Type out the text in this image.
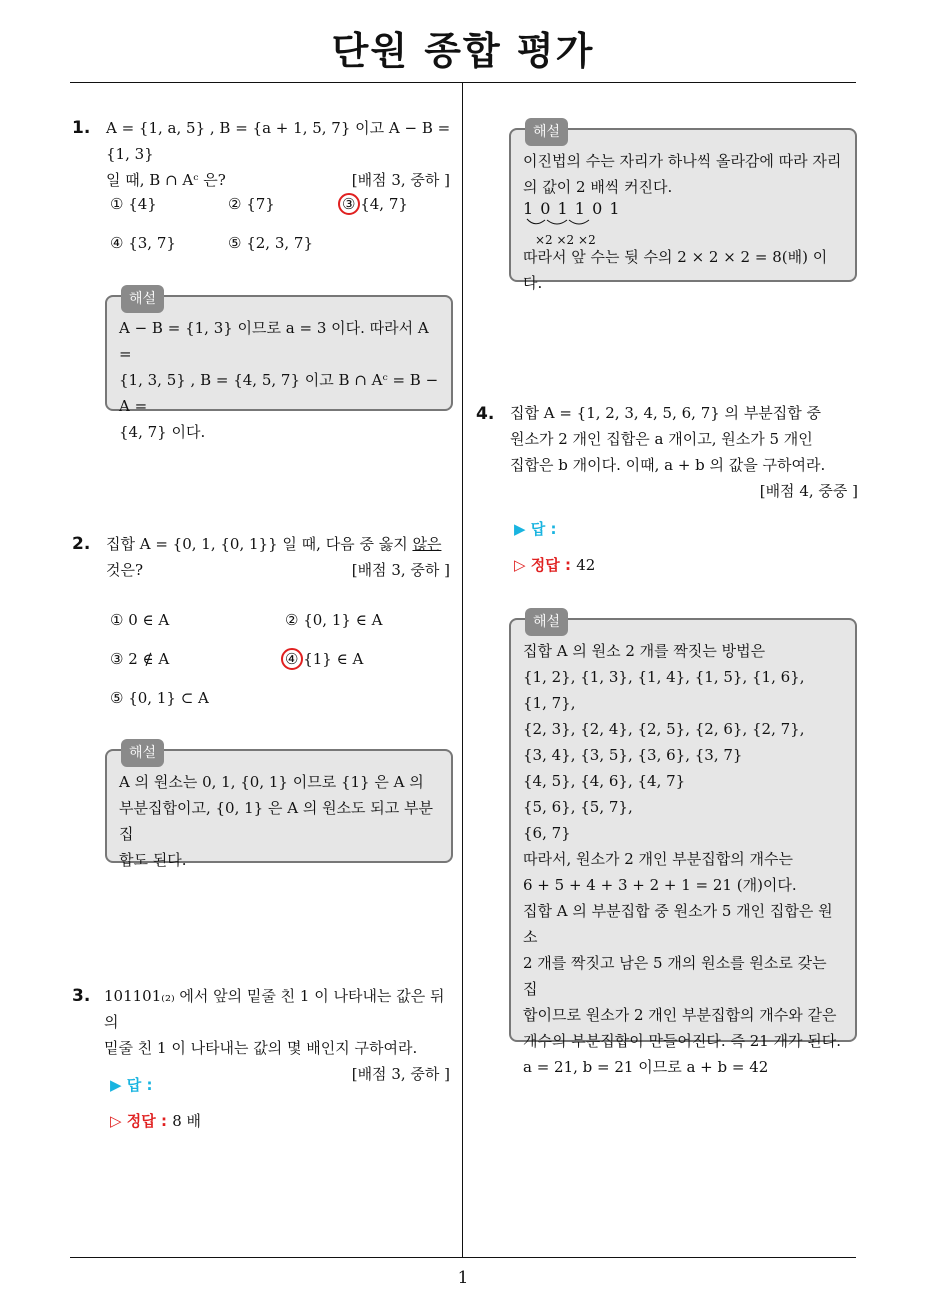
단원 종합 평가
1
1. A = {1, a, 5} , B = {a + 1, 5, 7} 이고 A − B = {1, 3}
일 때, B ∩ Aᶜ 은?	[배점 3, 중하 ]
① {4}	② {7}	③ {4, 7}
④ {3, 7}	⑤ {2, 3, 7}
해설
A − B = {1, 3} 이므로 a = 3 이다. 따라서 A =
{1, 3, 5} , B = {4, 5, 7} 이고 B ∩ Aᶜ = B − A =
{4, 7} 이다.
2. 집합 A = {0, 1, {0, 1}} 일 때, 다음 중 옳지 않은
것은?	[배점 3, 중하 ]
① 0 ∈ A	② {0, 1} ∈ A
③ 2 ∉ A	④ {1} ∈ A
⑤ {0, 1} ⊂ A
해설
A 의 원소는 0, 1, {0, 1} 이므로 {1} 은 A 의
부분집합이고, {0, 1} 은 A 의 원소도 되고 부분집
합도 된다.
3. 101101₍₂₎ 에서 앞의 밑줄 친 1 이 나타내는 값은 뒤의
밑줄 친 1 이 나타내는 값의 몇 배인지 구하여라.
[배점 3, 중하 ]
▶ 답 :
▷ 정답 : 8 배
해설
이진법의 수는 자리가 하나씩 올라감에 따라 자리
의 값이 2 배씩 커진다.
1 0 1 1 0 1
×2 ×2 ×2
따라서 앞 수는 뒷 수의 2 × 2 × 2 = 8(배) 이다.
4. 집합 A = {1, 2, 3, 4, 5, 6, 7} 의 부분집합 중
원소가 2 개인 집합은 a 개이고, 원소가 5 개인
집합은 b 개이다. 이때, a + b 의 값을 구하여라.
[배점 4, 중중 ]
▶ 답 :
▷ 정답 : 42
해설
집합 A 의 원소 2 개를 짝짓는 방법은
{1, 2}, {1, 3}, {1, 4}, {1, 5}, {1, 6},
{1, 7},
{2, 3}, {2, 4}, {2, 5}, {2, 6}, {2, 7},
{3, 4}, {3, 5}, {3, 6}, {3, 7}
{4, 5}, {4, 6}, {4, 7}
{5, 6}, {5, 7},
{6, 7}
따라서, 원소가 2 개인 부분집합의 개수는
6 + 5 + 4 + 3 + 2 + 1 = 21 (개)이다.
집합 A 의 부분집합 중 원소가 5 개인 집합은 원소
2 개를 짝짓고 남은 5 개의 원소를 원소로 갖는 집
합이므로 원소가 2 개인 부분집합의 개수와 같은
개수의 부분집합이 만들어진다. 즉 21 개가 된다.
a = 21, b = 21 이므로 a + b = 42
